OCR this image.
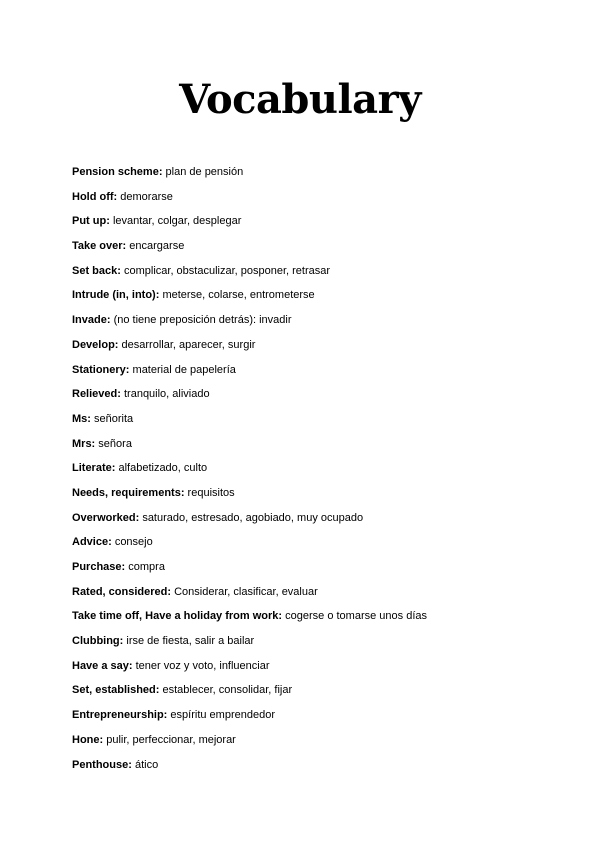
Vocabulary
Pension scheme: plan de pensión
Hold off: demorarse
Put up: levantar, colgar, desplegar
Take over: encargarse
Set back: complicar, obstaculizar, posponer, retrasar
Intrude (in, into): meterse, colarse, entrometerse
Invade: (no tiene preposición detrás): invadir
Develop: desarrollar, aparecer, surgir
Stationery: material de papelería
Relieved: tranquilo, aliviado
Ms: señorita
Mrs: señora
Literate: alfabetizado, culto
Needs, requirements: requisitos
Overworked: saturado, estresado, agobiado, muy ocupado
Advice: consejo
Purchase: compra
Rated, considered: Considerar, clasificar, evaluar
Take time off, Have a holiday from work: cogerse o tomarse unos días
Clubbing: irse de fiesta, salir a bailar
Have a say: tener voz y voto, influenciar
Set, established: establecer, consolidar, fijar
Entrepreneurship: espíritu emprendedor
Hone: pulir, perfeccionar, mejorar
Penthouse: ático
